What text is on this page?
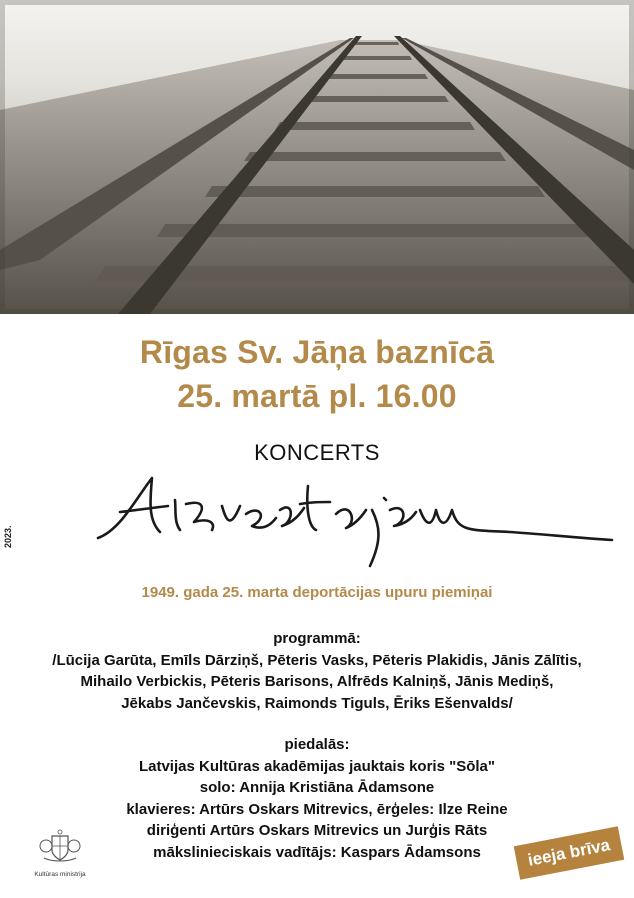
Rīgas Sv. Jāņa baznīcā
25. martā pl. 16.00
KONCERTS
1949. gada 25. marta deportācijas upuru piemiņai
programmā:
/Lūcija Garūta, Emīls Dārziņš, Pēteris Vasks, Pēteris Plakidis, Jānis Zālītis,
Mihailo Verbickis, Pēteris Barisons, Alfrēds Kalniņš, Jānis Mediņš,
Jēkabs Jančevskis, Raimonds Tiguls, Ēriks Ešenvalds/
piedalās:
Latvijas Kultūras akadēmijas jauktais koris "Sōla"
solo: Annija Kristiāna Ādamsone
klavieres: Artūrs Oskars Mitrevics, ērģeles: Ilze Reine
diriģenti Artūrs Oskars Mitrevics un Jurģis Rāts
mākslinieciskais vadītājs: Kaspars Ādamsons
2023.
Kultūras ministrija
ieeja brīva
